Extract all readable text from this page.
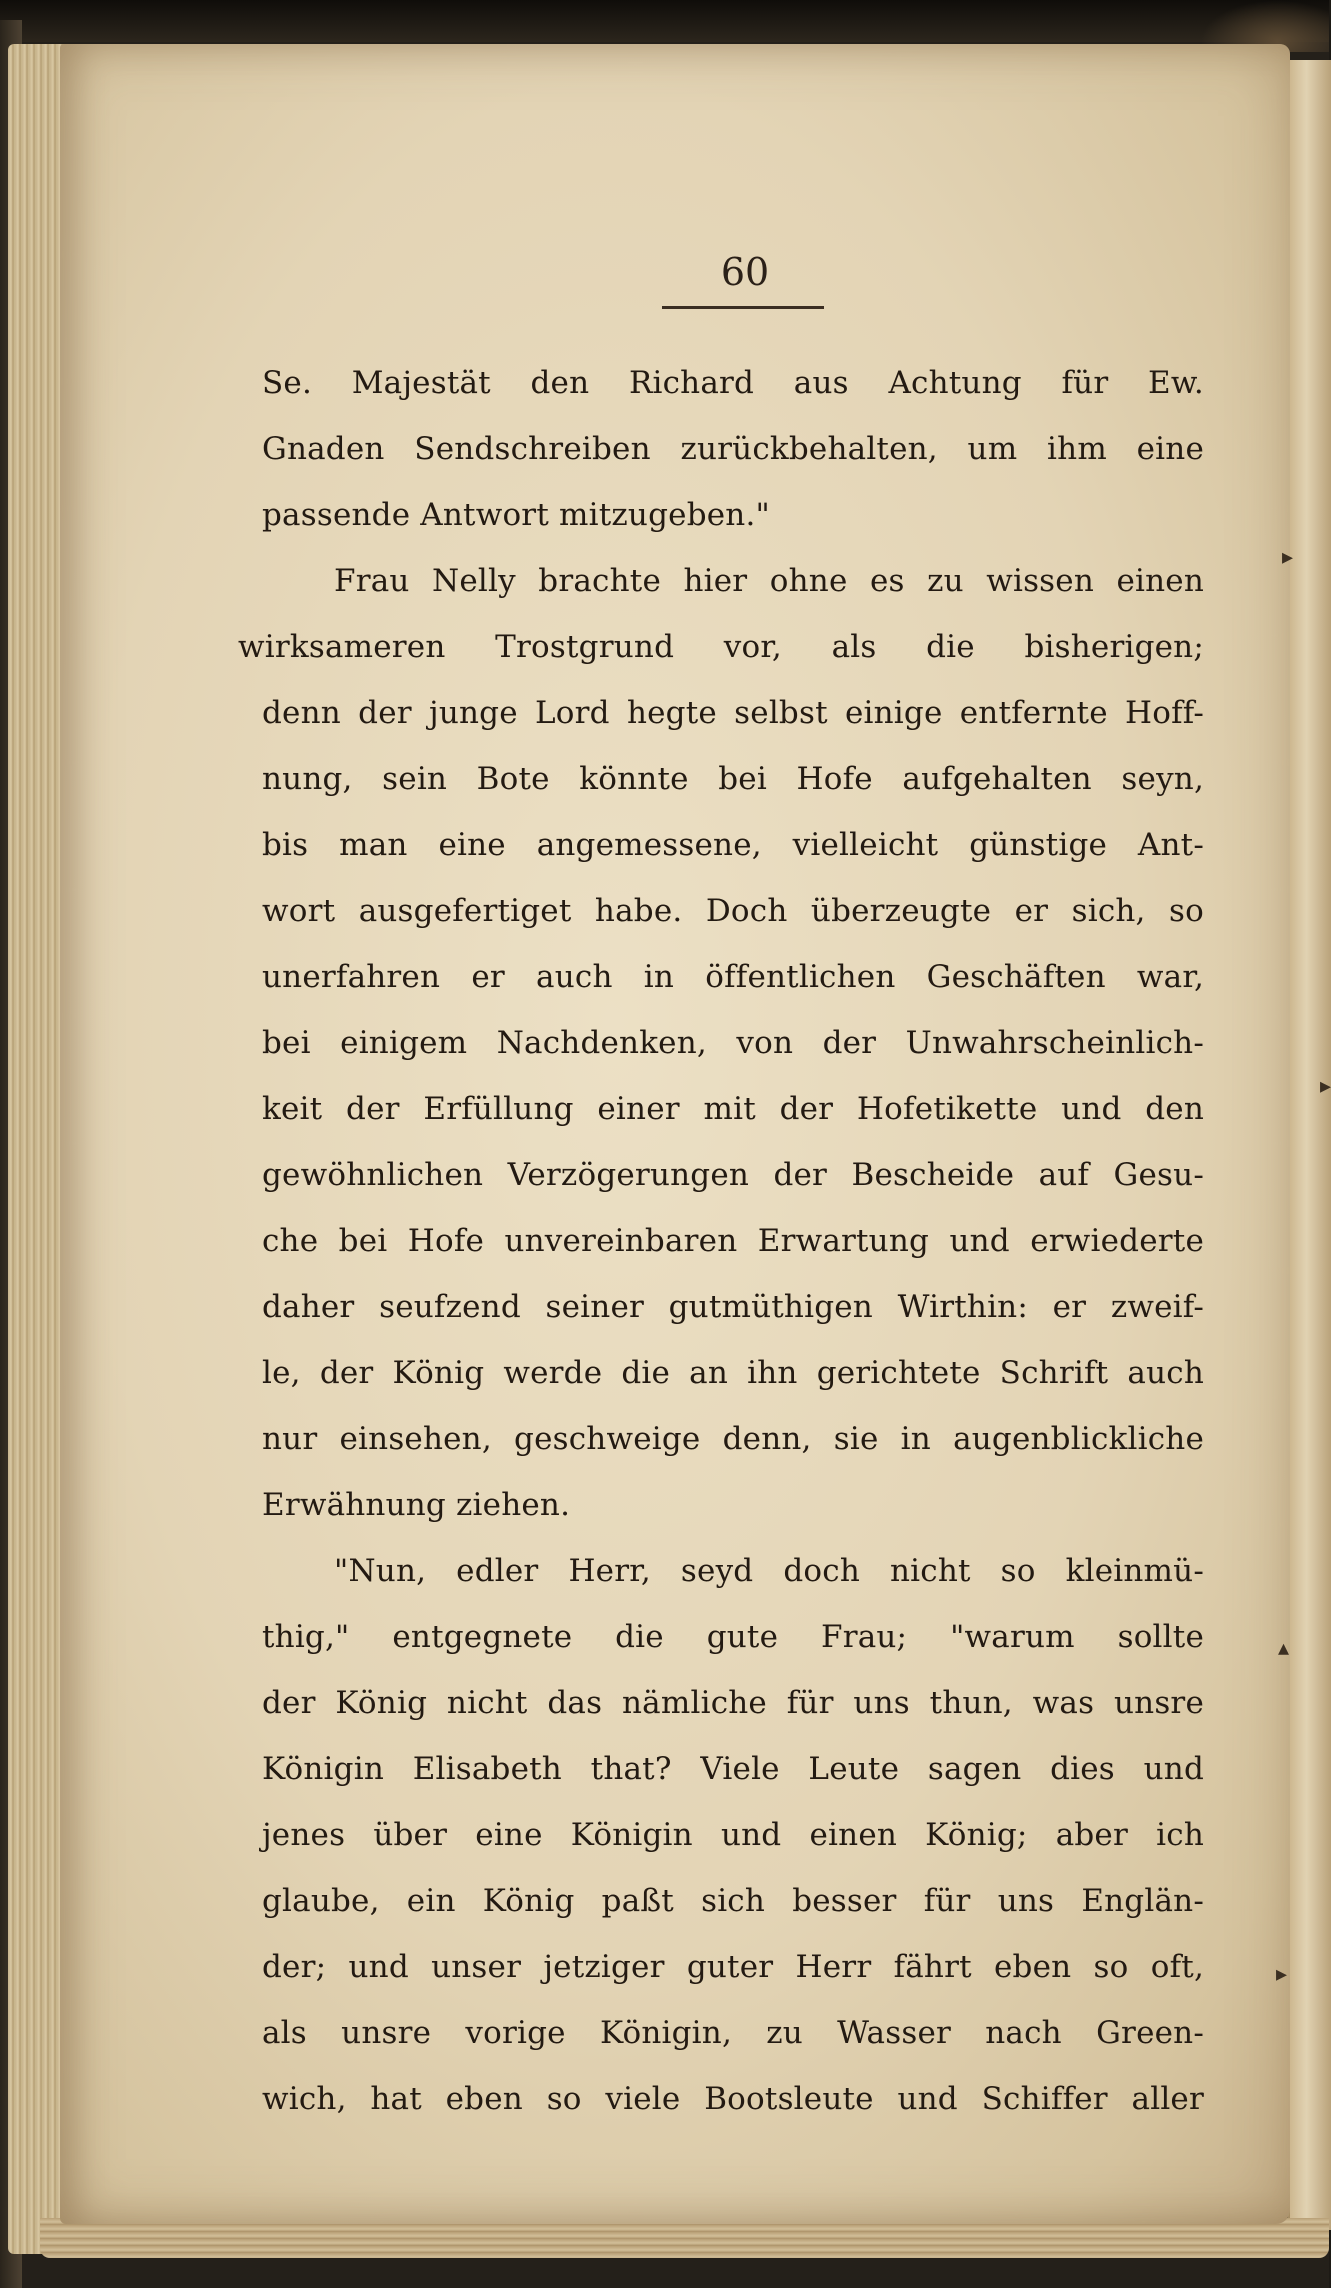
60
Se. Majestät den Richard aus Achtung für Ew.
Gnaden Sendschreiben zurückbehalten, um ihm eine
passende Antwort mitzugeben."
Frau Nelly brachte hier ohne es zu wissen einen
wirksameren Trostgrund vor, als die bisherigen;
denn der junge Lord hegte selbst einige entfernte Hoff-
nung, sein Bote könnte bei Hofe aufgehalten seyn,
bis man eine angemessene, vielleicht günstige Ant-
wort ausgefertiget habe. Doch überzeugte er sich, so
unerfahren er auch in öffentlichen Geschäften war,
bei einigem Nachdenken, von der Unwahrscheinlich-
keit der Erfüllung einer mit der Hofetikette und den
gewöhnlichen Verzögerungen der Bescheide auf Gesu-
che bei Hofe unvereinbaren Erwartung und erwiederte
daher seufzend seiner gutmüthigen Wirthin: er zweif-
le, der König werde die an ihn gerichtete Schrift auch
nur einsehen, geschweige denn, sie in augenblickliche
Erwähnung ziehen.
"Nun, edler Herr, seyd doch nicht so kleinmü-
thig," entgegnete die gute Frau; "warum sollte
der König nicht das nämliche für uns thun, was unsre
Königin Elisabeth that? Viele Leute sagen dies und
jenes über eine Königin und einen König; aber ich
glaube, ein König paßt sich besser für uns Englän-
der; und unser jetziger guter Herr fährt eben so oft,
als unsre vorige Königin, zu Wasser nach Green-
wich, hat eben so viele Bootsleute und Schiffer aller
▸
▸
▴
▸
